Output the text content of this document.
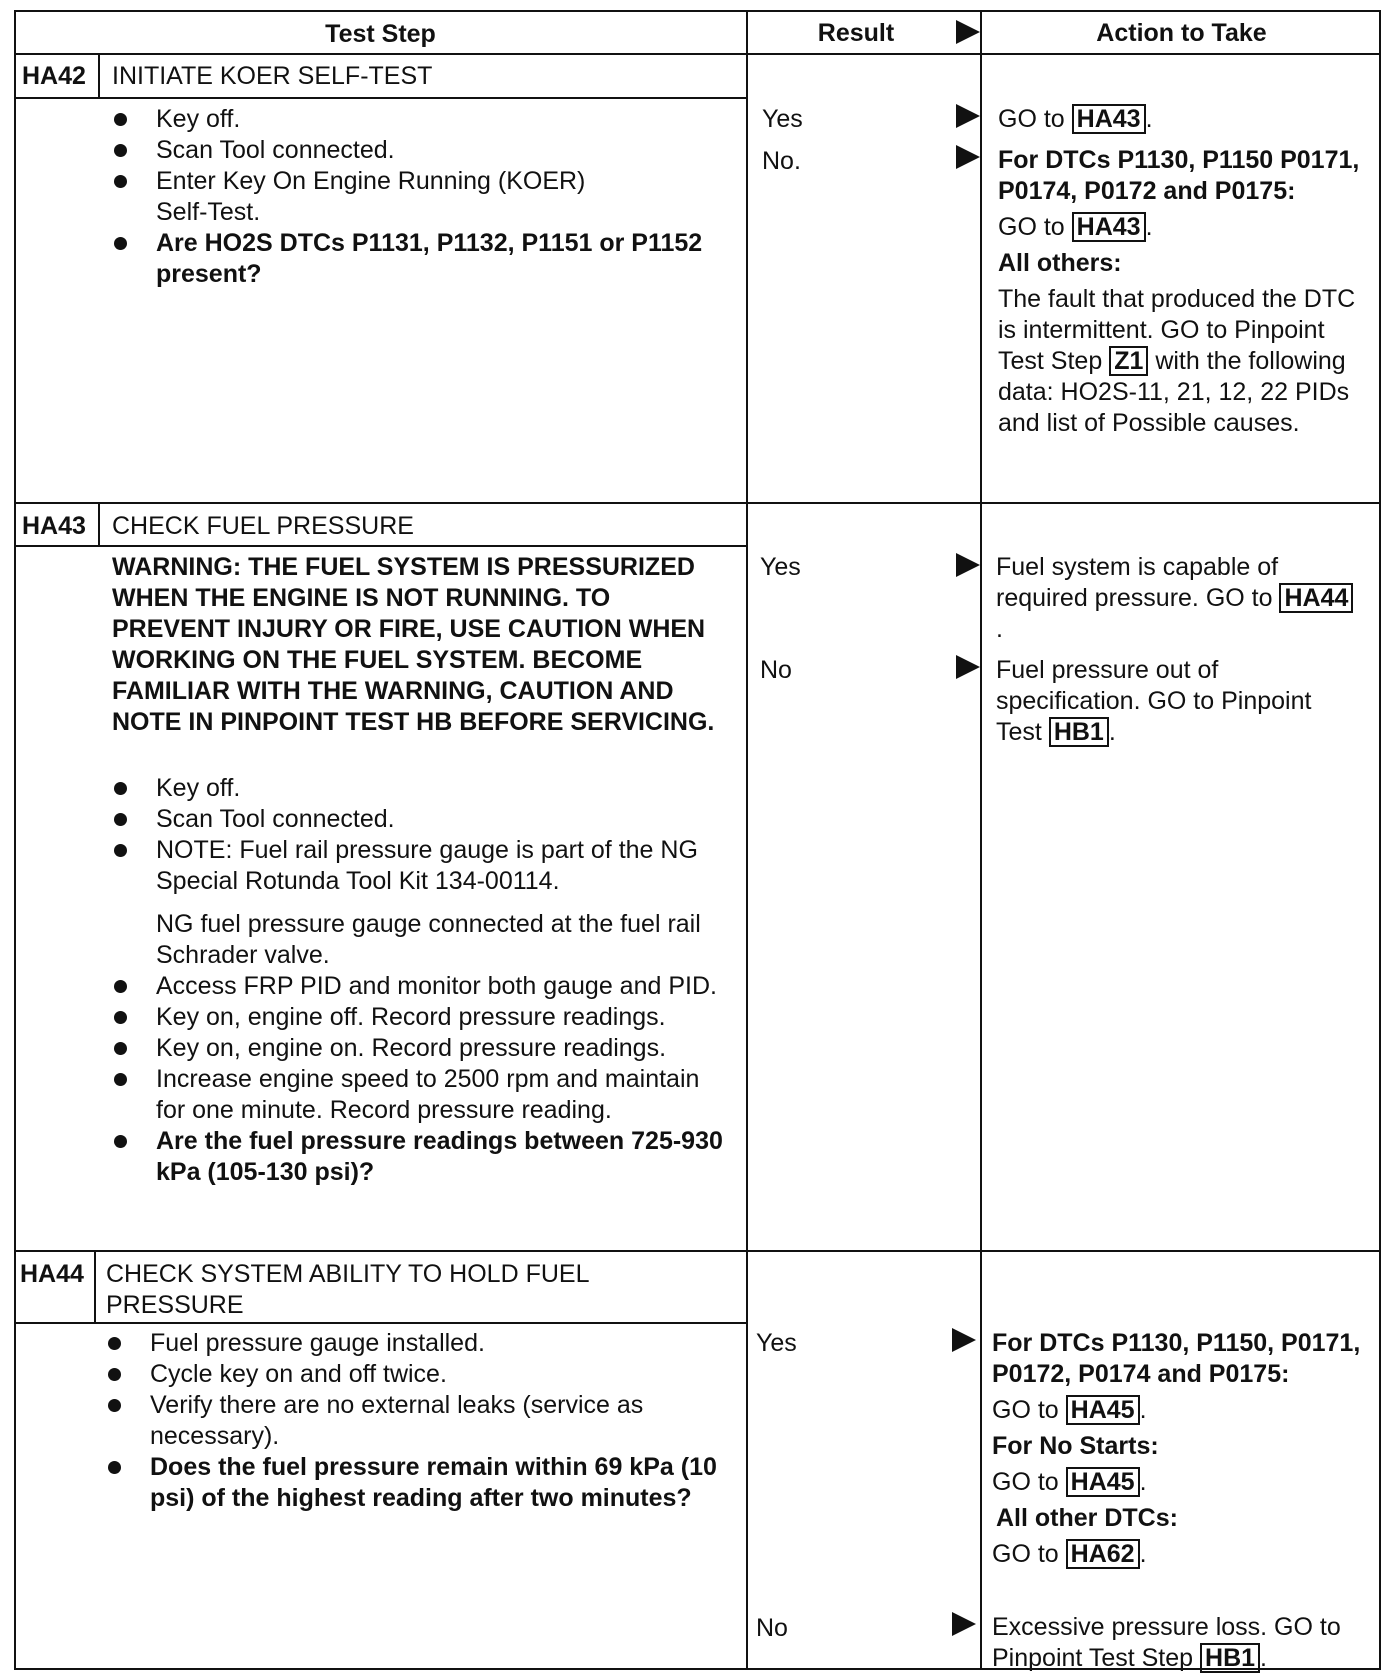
Test Step	Result	Action to Take
HA42 INITIATE KOER SELF-TEST
Key off.
Scan Tool connected.
Enter Key On Engine Running (KOER) Self-Test.
Are HO2S DTCs P1131, P1132, P1151 or P1152 present?
Yes
No.
GO to HA43 .

For DTCs P1130, P1150 P0171, P0174, P0172 and P0175:

GO to HA43 .

All others:

The fault that produced the DTC is intermittent. GO to Pinpoint Test Step Z1 with the following data: HO2S-11, 21, 12, 22 PIDs and list of Possible causes.

HA43 CHECK FUEL PRESSURE
WARNING: THE FUEL SYSTEM IS PRESSURIZED WHEN THE ENGINE IS NOT RUNNING. TO PREVENT INJURY OR FIRE, USE CAUTION WHEN WORKING ON THE FUEL SYSTEM. BECOME FAMILIAR WITH THE WARNING, CAUTION AND NOTE IN PINPOINT TEST HB BEFORE SERVICING.
Key off.
Scan Tool connected.
NOTE: Fuel rail pressure gauge is part of the NG Special Rotunda Tool Kit 134-00114.
NG fuel pressure gauge connected at the fuel rail Schrader valve.
Access FRP PID and monitor both gauge and PID.
Key on, engine off. Record pressure readings.
Key on, engine on. Record pressure readings.
Increase engine speed to 2500 rpm and maintain for one minute. Record pressure reading.
Are the fuel pressure readings between 725-930 kPa (105-130 psi)?
Yes
No
Fuel system is capable of required pressure. GO to HA44.
Fuel pressure out of specification. GO to Pinpoint Test HB1 .
HA44 CHECK SYSTEM ABILITY TO HOLD FUEL PRESSURE
Fuel pressure gauge installed.
Cycle key on and off twice.
Verify there are no external leaks (service as necessary).
Does the fuel pressure remain within 69 kPa (10 psi) of the highest reading after two minutes?
Yes
No

For DTCs P1130, P1150, P0171, P0172, P0174 and P0175:

GO to HA45 .

For No Starts:

GO to HA45 .

All other DTCs:

GO to HA62 .

Excessive pressure loss. GO to Pinpoint Test Step HB1 .
